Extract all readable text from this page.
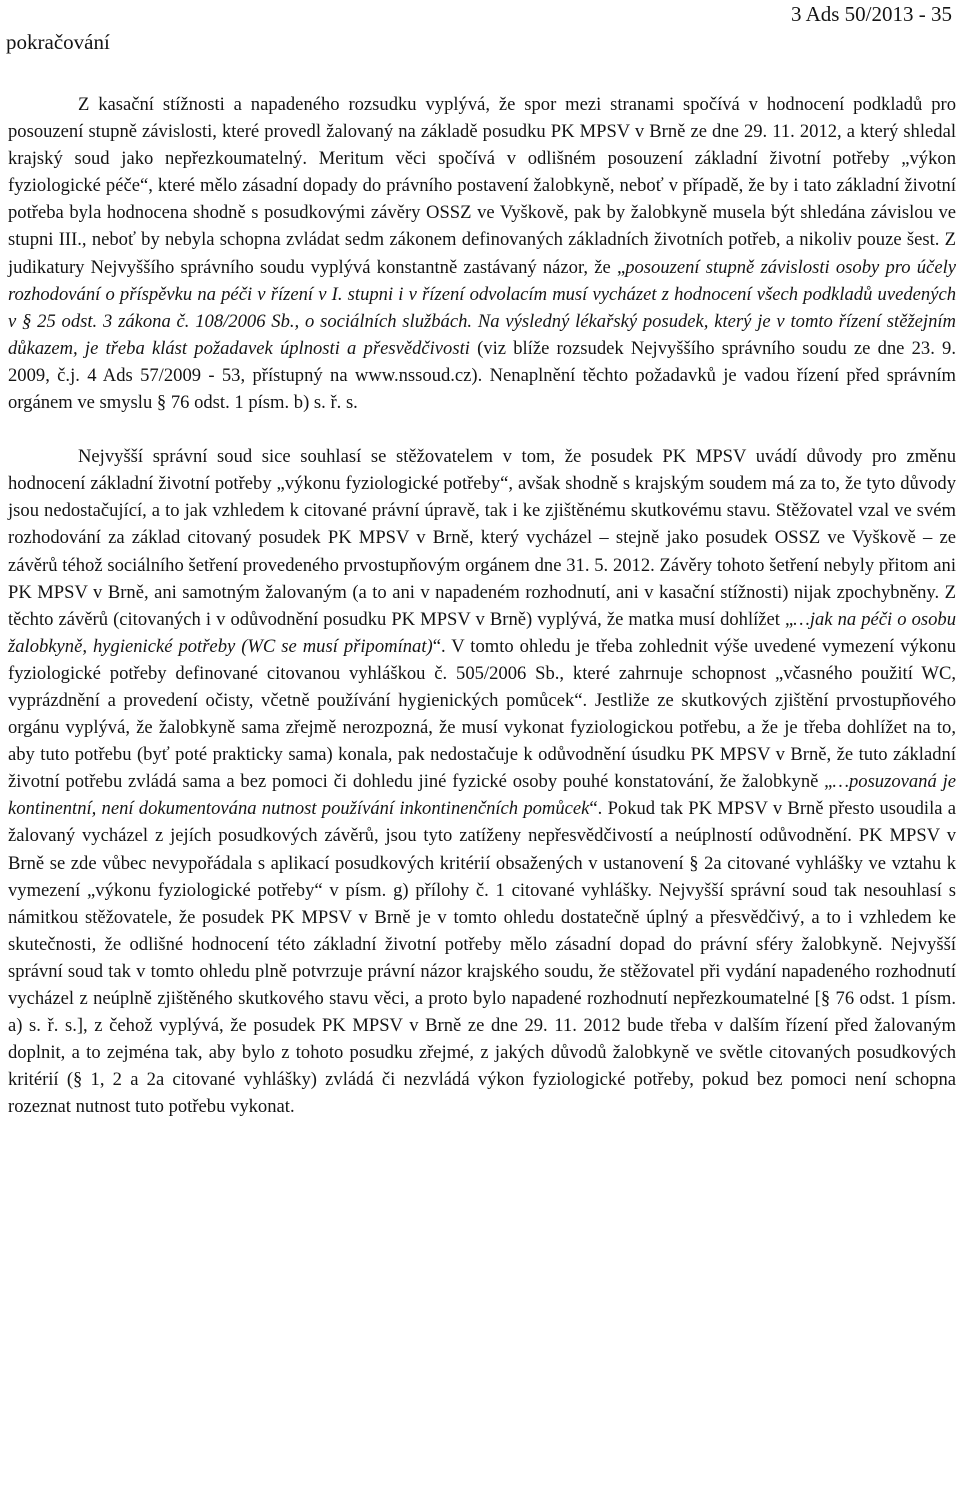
pokračování
3 Ads 50/2013 - 35

Z kasační stížnosti a napadeného rozsudku vyplývá, že spor mezi stranami spočívá v hodnocení podkladů pro posouzení stupně závislosti, které provedl žalovaný na základě posudku PK MPSV v Brně ze dne 29. 11. 2012, a který shledal krajský soud jako nepřezkoumatelný. Meritum věci spočívá v odlišném posouzení základní životní potřeby „výkon fyziologické péče“, které mělo zásadní dopady do právního postavení žalobkyně, neboť v případě, že by i tato základní životní potřeba byla hodnocena shodně s posudkovými závěry OSSZ ve Vyškově, pak by žalobkyně musela být shledána závislou ve stupni III., neboť by nebyla schopna zvládat sedm zákonem definovaných základních životních potřeb, a nikoliv pouze šest. Z judikatury Nejvyššího správního soudu vyplývá konstantně zastávaný názor, že „posouzení stupně závislosti osoby pro účely rozhodování o příspěvku na péči v řízení v I. stupni i v řízení odvolacím musí vycházet z hodnocení všech podkladů uvedených v § 25 odst. 3 zákona č. 108/2006 Sb., o sociálních službách. Na výsledný lékařský posudek, který je v tomto řízení stěžejním důkazem, je třeba klást požadavek úplnosti a přesvědčivosti (viz blíže rozsudek Nejvyššího správního soudu ze dne 23. 9. 2009, č.j. 4 Ads 57/2009 - 53, přístupný na www.nssoud.cz). Nenaplnění těchto požadavků je vadou řízení před správním orgánem ve smyslu § 76 odst. 1 písm. b) s. ř. s.

Nejvyšší správní soud sice souhlasí se stěžovatelem v tom, že posudek PK MPSV uvádí důvody pro změnu hodnocení základní životní potřeby „výkonu fyziologické potřeby“, avšak shodně s krajským soudem má za to, že tyto důvody jsou nedostačující, a to jak vzhledem k citované právní úpravě, tak i ke zjištěnému skutkovému stavu. Stěžovatel vzal ve svém rozhodování za základ citovaný posudek PK MPSV v Brně, který vycházel – stejně jako posudek OSSZ ve Vyškově – ze závěrů téhož sociálního šetření provedeného prvostupňovým orgánem dne 31. 5. 2012. Závěry tohoto šetření nebyly přitom ani PK MPSV v Brně, ani samotným žalovaným (a to ani v napadeném rozhodnutí, ani v kasační stížnosti) nijak zpochybněny. Z těchto závěrů (citovaných i v odůvodnění posudku PK MPSV v Brně) vyplývá, že matka musí dohlížet „…jak na péči o osobu žalobkyně, hygienické potřeby (WC se musí připomínat)“. V tomto ohledu je třeba zohlednit výše uvedené vymezení výkonu fyziologické potřeby definované citovanou vyhláškou č. 505/2006 Sb., které zahrnuje schopnost „včasného použití WC, vyprázdnění a provedení očisty, včetně používání hygienických pomůcek“. Jestliže ze skutkových zjištění prvostupňového orgánu vyplývá, že žalobkyně sama zřejmě nerozpozná, že musí vykonat fyziologickou potřebu, a že je třeba dohlížet na to, aby tuto potřebu (byť poté prakticky sama) konala, pak nedostačuje k odůvodnění úsudku PK MPSV v Brně, že tuto základní životní potřebu zvládá sama a bez pomoci či dohledu jiné fyzické osoby pouhé konstatování, že žalobkyně „…posuzovaná je kontinentní, není dokumentována nutnost používání inkontinenčních pomůcek“. Pokud tak PK MPSV v Brně přesto usoudila a žalovaný vycházel z jejích posudkových závěrů, jsou tyto zatíženy nepřesvědčivostí a neúplností odůvodnění. PK MPSV v Brně se zde vůbec nevypořádala s aplikací posudkových kritérií obsažených v ustanovení § 2a citované vyhlášky ve vztahu k vymezení „výkonu fyziologické potřeby“ v písm. g) přílohy č. 1 citované vyhlášky. Nejvyšší správní soud tak nesouhlasí s námitkou stěžovatele, že posudek PK MPSV v Brně je v tomto ohledu dostatečně úplný a přesvědčivý, a to i vzhledem ke skutečnosti, že odlišné hodnocení této základní životní potřeby mělo zásadní dopad do právní sféry žalobkyně. Nejvyšší správní soud tak v tomto ohledu plně potvrzuje právní názor krajského soudu, že stěžovatel při vydání napadeného rozhodnutí vycházel z neúplně zjištěného skutkového stavu věci, a proto bylo napadené rozhodnutí nepřezkoumatelné [§ 76 odst. 1 písm. a) s. ř. s.], z čehož vyplývá, že posudek PK MPSV v Brně ze dne 29. 11. 2012 bude třeba v dalším řízení před žalovaným doplnit, a to zejména tak, aby bylo z tohoto posudku zřejmé, z jakých důvodů žalobkyně ve světle citovaných posudkových kritérií (§ 1, 2 a 2a citované vyhlášky) zvládá či nezvládá výkon fyziologické potřeby, pokud bez pomoci není schopna rozeznat nutnost tuto potřebu vykonat.
